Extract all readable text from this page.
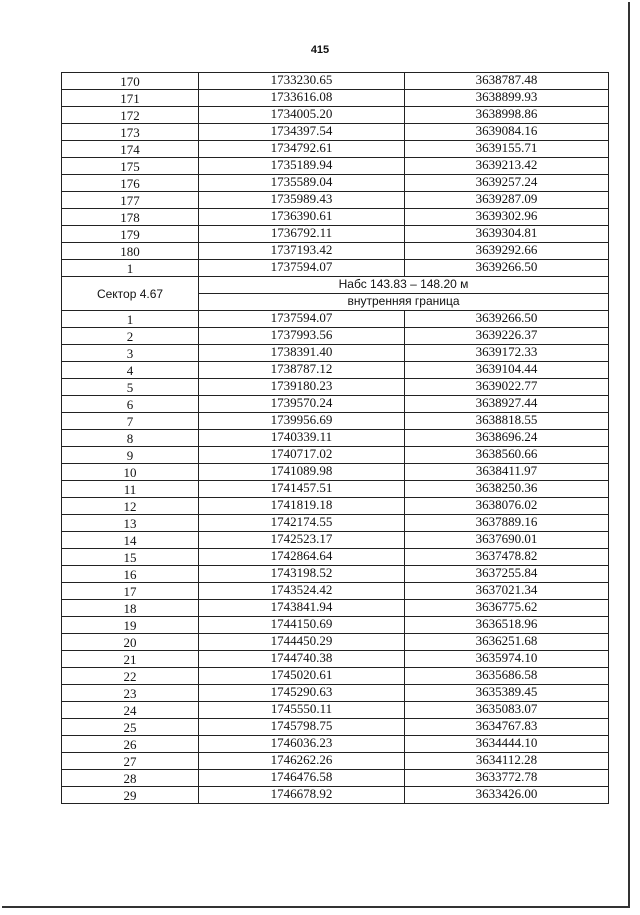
415
170	1733230.65	3638787.48
171	1733616.08	3638899.93
172	1734005.20	3638998.86
173	1734397.54	3639084.16
174	1734792.61	3639155.71
175	1735189.94	3639213.42
176	1735589.04	3639257.24
177	1735989.43	3639287.09
178	1736390.61	3639302.96
179	1736792.11	3639304.81
180	1737193.42	3639292.66
1	1737594.07	3639266.50
Сектор 4.67	Набс 143.83 – 148.20 м	
	внутренняя граница	
1	1737594.07	3639266.50
2	1737993.56	3639226.37
3	1738391.40	3639172.33
4	1738787.12	3639104.44
5	1739180.23	3639022.77
6	1739570.24	3638927.44
7	1739956.69	3638818.55
8	1740339.11	3638696.24
9	1740717.02	3638560.66
10	1741089.98	3638411.97
11	1741457.51	3638250.36
12	1741819.18	3638076.02
13	1742174.55	3637889.16
14	1742523.17	3637690.01
15	1742864.64	3637478.82
16	1743198.52	3637255.84
17	1743524.42	3637021.34
18	1743841.94	3636775.62
19	1744150.69	3636518.96
20	1744450.29	3636251.68
21	1744740.38	3635974.10
22	1745020.61	3635686.58
23	1745290.63	3635389.45
24	1745550.11	3635083.07
25	1745798.75	3634767.83
26	1746036.23	3634444.10
27	1746262.26	3634112.28
28	1746476.58	3633772.78
29	1746678.92	3633426.00
